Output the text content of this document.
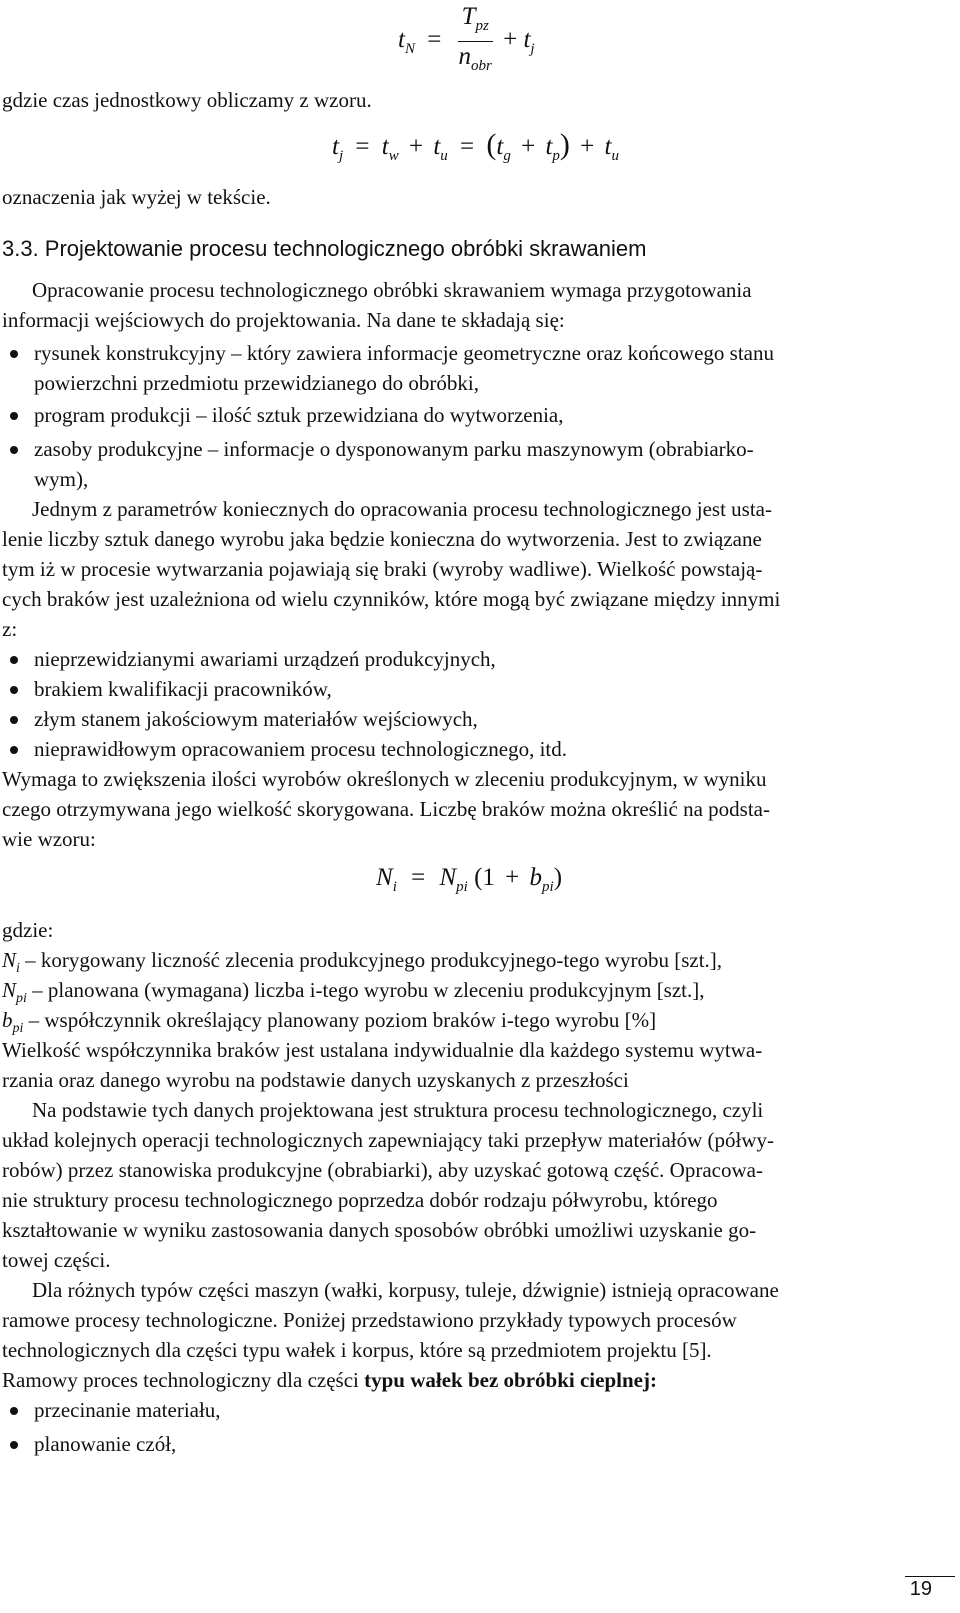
$t_N = \frac{T_{pz}}{n_{obr}} + t_j$
gdzie czas jednostkowy obliczamy z wzoru.
$t_j = t_w + t_u = (t_g + t_p) + t_u$
oznaczenia jak wyżej w tekście.
3.3. Projektowanie procesu technologicznego obróbki skrawaniem
Opracowanie procesu technologicznego obróbki skrawaniem wymaga przygotowania
informacji wejściowych do projektowania. Na dane te składają się:
rysunek konstrukcyjny – który zawiera informacje geometryczne oraz końcowego stanu
powierzchni przedmiotu przewidzianego do obróbki,
program produkcji – ilość sztuk przewidziana do wytworzenia,
zasoby produkcyjne – informacje o dysponowanym parku maszynowym (obrabiarko-
wym),
Jednym z parametrów koniecznych do opracowania procesu technologicznego jest usta-
lenie liczby sztuk danego wyrobu jaka będzie konieczna do wytworzenia. Jest to związane
tym iż w procesie wytwarzania pojawiają się braki (wyroby wadliwe). Wielkość powstają-
cych braków jest uzależniona od wielu czynników, które mogą być związane między innymi
z:
nieprzewidzianymi awariami urządzeń produkcyjnych,
brakiem kwalifikacji pracowników,
złym stanem jakościowym materiałów wejściowych,
nieprawidłowym opracowaniem procesu technologicznego, itd.
Wymaga to zwiększenia ilości wyrobów określonych w zleceniu produkcyjnym, w wyniku
czego otrzymywana jego wielkość skorygowana. Liczbę braków można określić na podsta-
wie wzoru:
$N_i = N_{pi}$ $(1 + b_{pi})$
gdzie:
$N_i$ – korygowany liczność zlecenia produkcyjnego produkcyjnego-tego wyrobu [szt.],
$N_{pi}$ – planowana (wymagana) liczba i-tego wyrobu w zleceniu produkcyjnym [szt.],
$b_{pi}$ – współczynnik określający planowany poziom braków i-tego wyrobu [%]
Wielkość współczynnika braków jest ustalana indywidualnie dla każdego systemu wytwa-
rzania oraz danego wyrobu na podstawie danych uzyskanych z przeszłości
Na podstawie tych danych projektowana jest struktura procesu technologicznego, czyli
układ kolejnych operacji technologicznych zapewniający taki przepływ materiałów (półwy-
robów) przez stanowiska produkcyjne (obrabiarki), aby uzyskać gotową część. Opracowa-
nie struktury procesu technologicznego poprzedza dobór rodzaju półwyrobu, którego
kształtowanie w wyniku zastosowania danych sposobów obróbki umożliwi uzyskanie go-
towej części.
Dla różnych typów części maszyn (wałki, korpusy, tuleje, dźwignie) istnieją opracowane
ramowe procesy technologiczne. Poniżej przedstawiono przykłady typowych procesów
technologicznych dla części typu wałek i korpus, które są przedmiotem projektu [5].
Ramowy proces technologiczny dla części typu wałek bez obróbki cieplnej:
przecinanie materiału,
planowanie czół,
19
